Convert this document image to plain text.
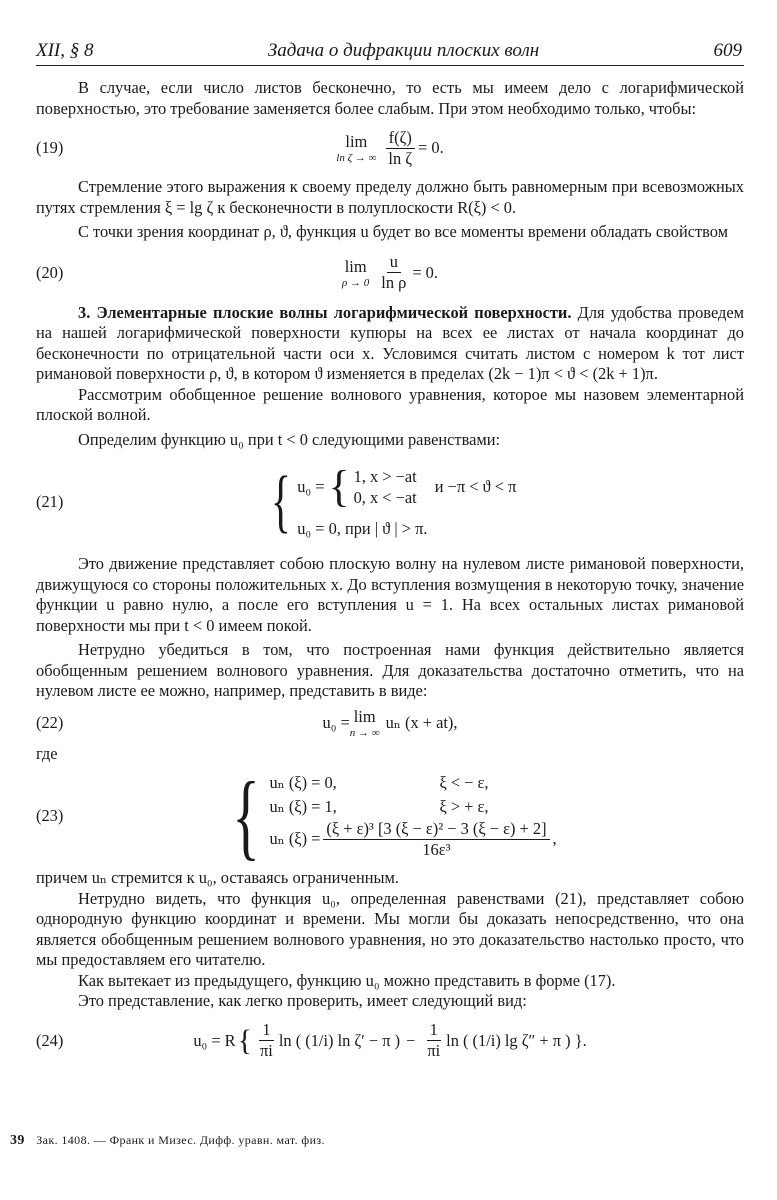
XII, § 8	Задача о дифракции плоских волн	609

В случае, если число листов бесконечно, то есть мы имеем дело с логарифмической поверхностью, это требование заменяется более слабым. При этом необходимо только, чтобы:

(19)	lim
ln ζ → ∞ $\frac{f(\zeta)}{\text{ln ζ}} = 0$.

Стремление этого выражения к своему пределу должно быть равномерным при всевозможных путях стремления ξ = lg ζ к бесконечности в полуплоскости R(ξ) < 0.

С точки зрения координат ρ, ϑ, функция u будет во все моменты времени обладать свойством

(20)	lim
$\rho \to 0 \frac{u}{\text{ln ρ}} = 0$.

3. Элементарные плоские волны логарифмической поверхности. Для удобства проведем на нашей логарифмической поверхности купюры на всех ее листах от начала координат до бесконечности по отрицательной части оси x. Условимся считать листом с номером k тот лист римановой поверхности ρ, ϑ, в котором ϑ изменяется в пределах (2k − 1)π < ϑ < (2k + 1)π.

Рассмотрим обобщенное решение волнового уравнения, которое мы назовем элементарной плоской волной.

Определим функцию u₀ при t < 0 следующими равенствами:

(21)	{ u₀ = { 1, x > −at
0, x < −at
и −π < ϑ < π
u₀ = 0, при | ϑ | > π.

Это движение представляет собою плоскую волну на нулевом листе римановой поверхности, движущуюся со стороны положительных x. До вступления возмущения в некоторую точку, значение функции u равно нулю, а после его вступления u = 1. На всех остальных листах римановой поверхности мы при t < 0 имеем покой.

Нетрудно убедиться в том, что построенная нами функция действительно является обобщенным решением волнового уравнения. Для доказательства достаточно отметить, что на нулевом листе ее можно, например, представить в виде:

(22)	u₀ = lim
n → ∞
uₙ (x + at),

где

(23) { uₙ (ξ) = 0,	ξ < − ε,
uₙ (ξ) = 1,	ξ > + ε,
uₙ $(\xi) = \frac{\text{(ξ + ε)³ [3 (ξ − ε)² − 3 (ξ − ε) + 2]}}{\text{16ε³}}$ ,

причем uₙ стремится к u₀, оставаясь ограниченным.

Нетрудно видеть, что функция u₀, определенная равенствами (21), представляет собою однородную функцию координат и времени. Мы могли бы доказать непосредственно, что она является обобщенным решением волнового уравнения, но это доказательство настолько просто, что мы предоставляем его читателю.

Как вытекает из предыдущего, функцию u₀ можно представить в форме (17).

Это представление, как легко проверить, имеет следующий вид:

(24)	u₀ = R { $\frac{1}{\pi i}$ ln ( (1/i) ln ζ′ − π ) − $\frac{1}{\pi i}$ ln ( (1/i) lg ζ″ + π ) }.
39 Зак. 1408. — Франк и Мизес. Дифф. уравн. мат. физ.
